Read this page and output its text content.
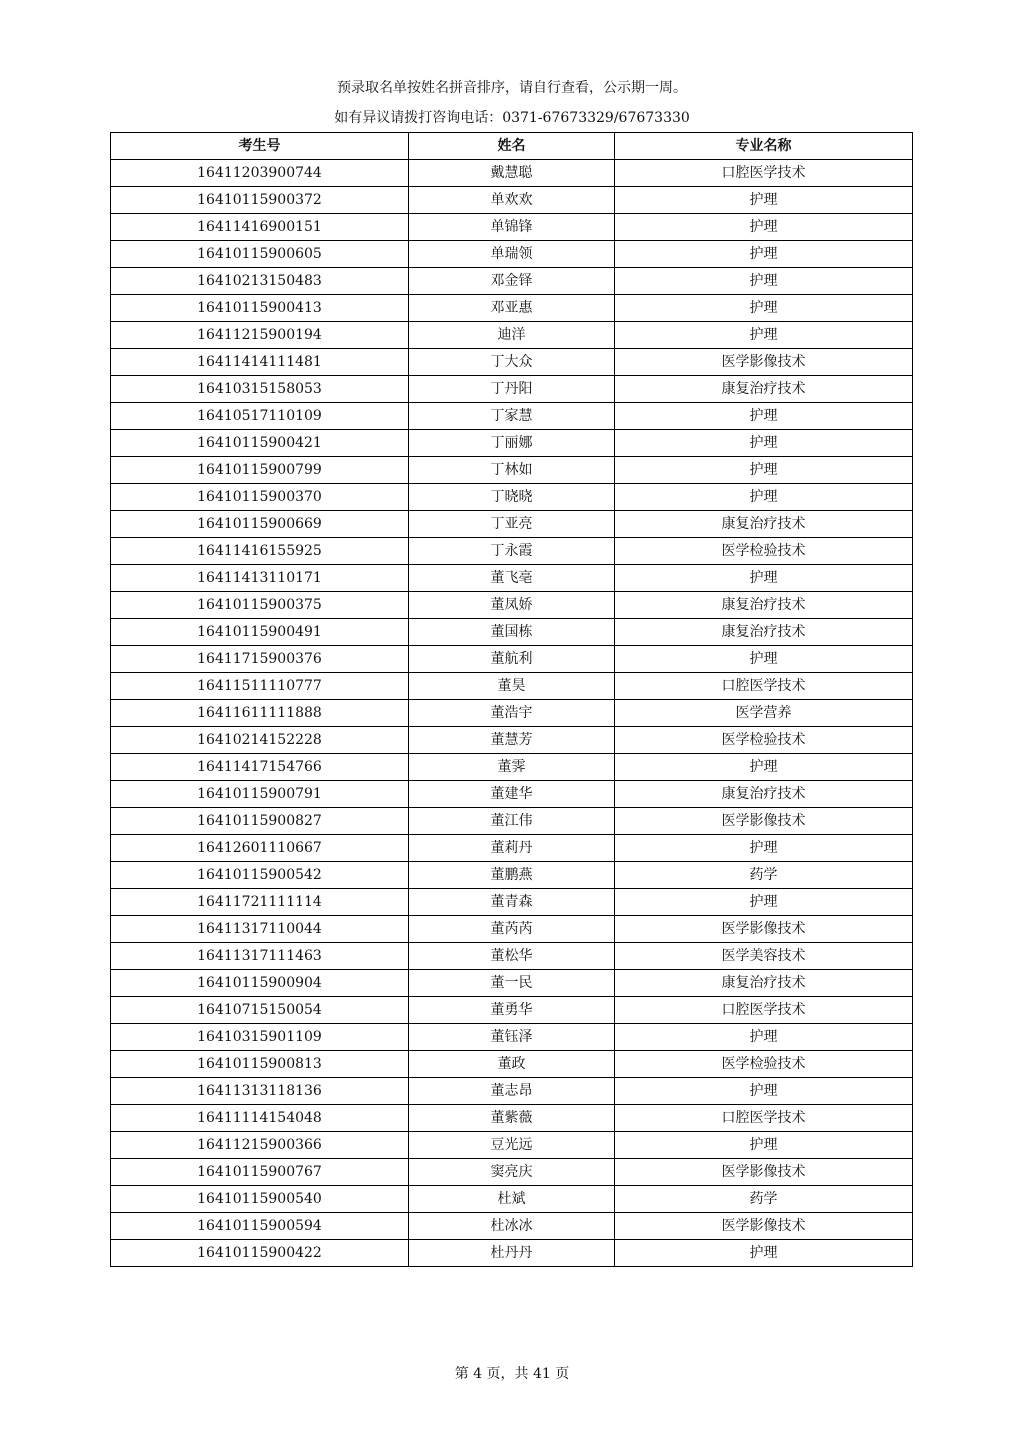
预录取名单按姓名拼音排序，请自行查看，公示期一周。
如有异议请拨打咨询电话：0371-67673329/67673330
考生号	姓名	专业名称
16411203900744	戴慧聪	口腔医学技术
16410115900372	单欢欢	护理
16411416900151	单锦锋	护理
16410115900605	单瑞领	护理
16410213150483	邓金铎	护理
16410115900413	邓亚惠	护理
16411215900194	迪洋	护理
16411414111481	丁大众	医学影像技术
16410315158053	丁丹阳	康复治疗技术
16410517110109	丁家慧	护理
16410115900421	丁丽娜	护理
16410115900799	丁林如	护理
16410115900370	丁晓晓	护理
16410115900669	丁亚亮	康复治疗技术
16411416155925	丁永霞	医学检验技术
16411413110171	董飞亳	护理
16410115900375	董凤娇	康复治疗技术
16410115900491	董国栋	康复治疗技术
16411715900376	董航利	护理
16411511110777	董昊	口腔医学技术
16411611111888	董浩宇	医学营养
16410214152228	董慧芳	医学检验技术
16411417154766	董霁	护理
16410115900791	董建华	康复治疗技术
16410115900827	董江伟	医学影像技术
16412601110667	董莉丹	护理
16410115900542	董鹏燕	药学
16411721111114	董青森	护理
16411317110044	董芮芮	医学影像技术
16411317111463	董松华	医学美容技术
16410115900904	董一民	康复治疗技术
16410715150054	董勇华	口腔医学技术
16410315901109	董钰泽	护理
16410115900813	董政	医学检验技术
16411313118136	董志昂	护理
16411114154048	董紫薇	口腔医学技术
16411215900366	豆光远	护理
16410115900767	窦亮庆	医学影像技术
16410115900540	杜斌	药学
16410115900594	杜冰冰	医学影像技术
16410115900422	杜丹丹	护理
第 4 页，共 41 页
